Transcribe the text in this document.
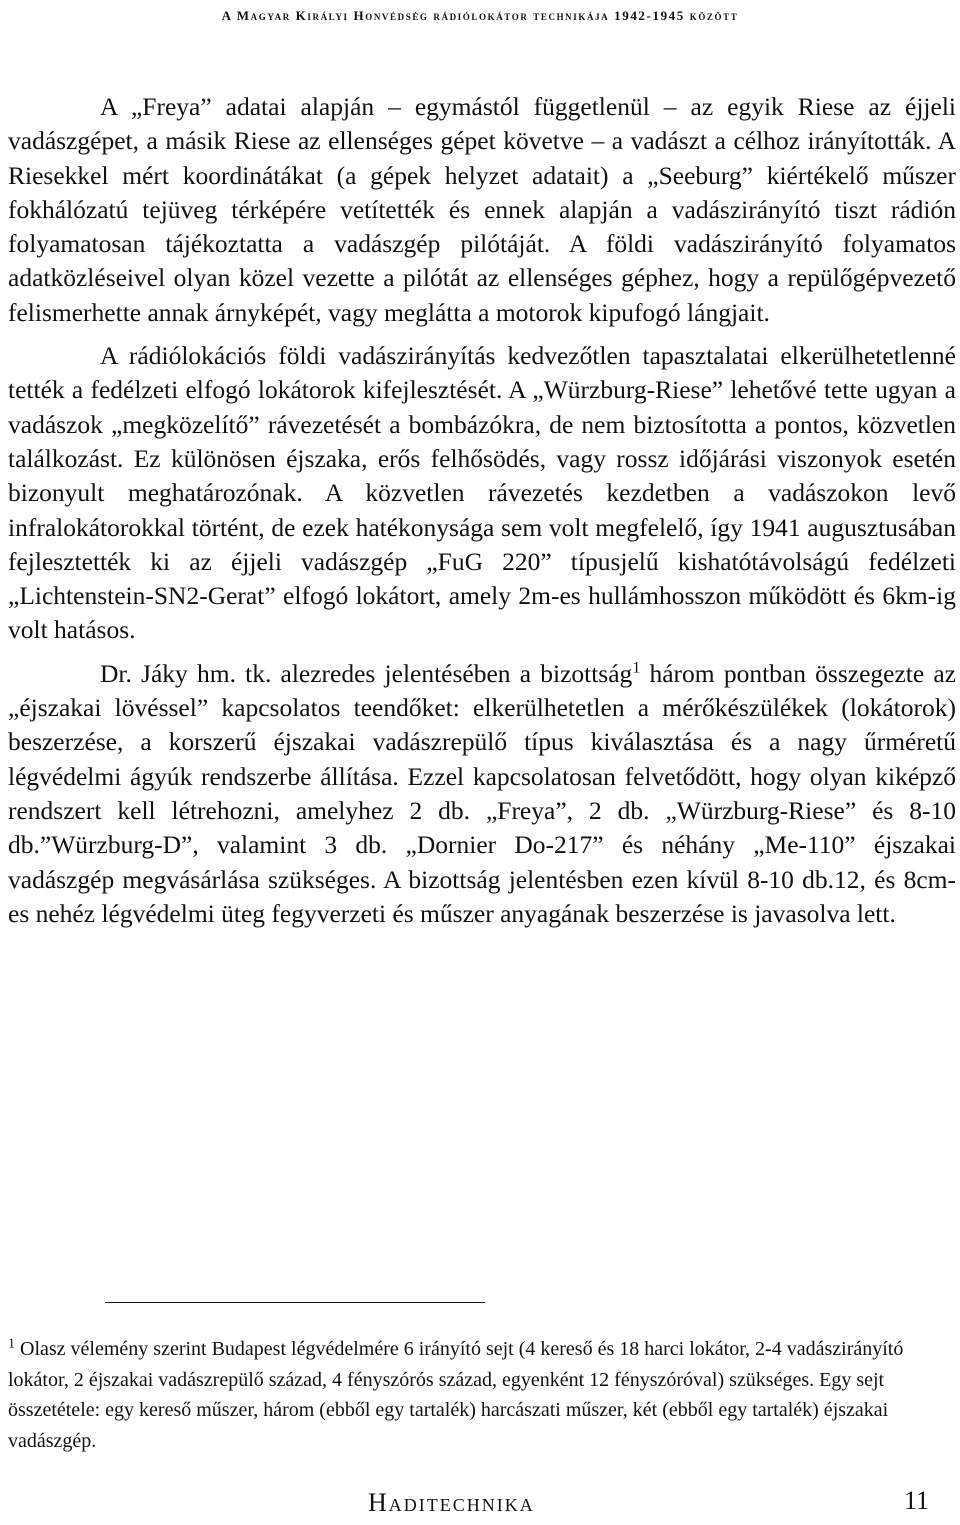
A Magyar Királyi Honvédség rádiólokátor technikája 1942-1945 között

A „Freya” adatai alapján – egymástól függetlenül – az egyik Riese az éjjeli vadászgépet, a másik Riese az ellenséges gépet követve – a vadászt a célhoz irányították. A Riesekkel mért koordinátákat (a gépek helyzet adatait) a „Seeburg” kiértékelő műszer fokhálózatú tejüveg térképére vetítették és ennek alapján a vadászirányító tiszt rádión folyamatosan tájékoztatta a vadászgép pilótáját. A földi vadászirányító folyamatos adatközléseivel olyan közel vezette a pilótát az ellenséges géphez, hogy a repülőgépvezető felismerhette annak árnyképét, vagy meglátta a motorok kipufogó lángjait.

A rádiólokációs földi vadászirányítás kedvezőtlen tapasztalatai elkerülhetetlenné tették a fedélzeti elfogó lokátorok kifejlesztését. A „Würzburg-Riese” lehetővé tette ugyan a vadászok „megközelítő” rávezetését a bombázókra, de nem biztosította a pontos, közvetlen találkozást. Ez különösen éjszaka, erős felhősödés, vagy rossz időjárási viszonyok esetén bizonyult meghatározónak. A közvetlen rávezetés kezdetben a vadászokon levő infralokátorokkal történt, de ezek hatékonysága sem volt megfelelő, így 1941 augusztusában fejlesztették ki az éjjeli vadászgép „FuG 220” típusjelű kishatótávolságú fedélzeti „Lichtenstein-SN2-Gerat” elfogó lokátort, amely 2m-es hullámhosszon működött és 6km-ig volt hatásos.

Dr. Jáky hm. tk. alezredes jelentésében a bizottság$^1$ három pontban összegezte az „éjszakai lövéssel” kapcsolatos teendőket: elkerülhetetlen a mérőkészülékek (lokátorok) beszerzése, a korszerű éjszakai vadászrepülő típus kiválasztása és a nagy űrméretű légvédelmi ágyúk rendszerbe állítása. Ezzel kapcsolatosan felvetődött, hogy olyan kiképző rendszert kell létrehozni, amelyhez 2 db. „Freya”, 2 db. „Würzburg-Riese” és 8-10 db.”Würzburg-D”, valamint 3 db. „Dornier Do-217” és néhány „Me-110” éjszakai vadászgép megvásárlása szükséges. A bizottság jelentésben ezen kívül 8-10 db.12, és 8cm-es nehéz légvédelmi üteg fegyverzeti és műszer anyagának beszerzése is javasolva lett.

$^1$ Olasz vélemény szerint Budapest légvédelmére 6 irányító sejt (4 kereső és 18 harci lokátor, 2-4 vadászirányító lokátor, 2 éjszakai vadászrepülő század, 4 fényszórós század, egyenként 12 fényszóróval) szükséges. Egy sejt összetétele: egy kereső műszer, három (ebből egy tartalék) harcászati műszer, két (ebből egy tartalék) éjszakai vadászgép.
Haditechnika	11
